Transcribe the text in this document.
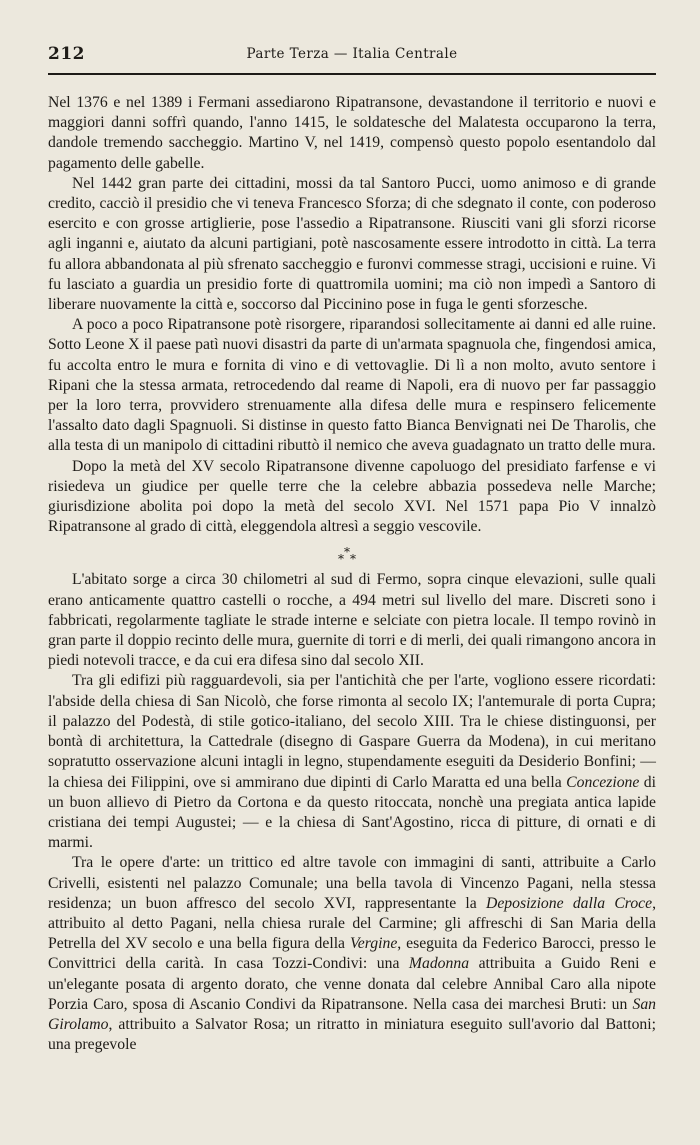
212	Parte Terza — Italia Centrale

Nel 1376 e nel 1389 i Fermani assediarono Ripatransone, devastandone il territorio e nuovi e maggiori danni soffrì quando, l'anno 1415, le soldatesche del Malatesta occuparono la terra, dandole tremendo saccheggio. Martino V, nel 1419, compensò questo popolo esentandolo dal pagamento delle gabelle.

Nel 1442 gran parte dei cittadini, mossi da tal Santoro Pucci, uomo animoso e di grande credito, cacciò il presidio che vi teneva Francesco Sforza; di che sdegnato il conte, con poderoso esercito e con grosse artiglierie, pose l'assedio a Ripatransone. Riusciti vani gli sforzi ricorse agli inganni e, aiutato da alcuni partigiani, potè nascosamente essere introdotto in città. La terra fu allora abbandonata al più sfrenato saccheggio e furonvi commesse stragi, uccisioni e ruine. Vi fu lasciato a guardia un presidio forte di quattromila uomini; ma ciò non impedì a Santoro di liberare nuovamente la città e, soccorso dal Piccinino pose in fuga le genti sforzesche.

A poco a poco Ripatransone potè risorgere, riparandosi sollecitamente ai danni ed alle ruine. Sotto Leone X il paese patì nuovi disastri da parte di un'armata spagnuola che, fingendosi amica, fu accolta entro le mura e fornita di vino e di vettovaglie. Di lì a non molto, avuto sentore i Ripani che la stessa armata, retrocedendo dal reame di Napoli, era di nuovo per far passaggio per la loro terra, provvidero strenuamente alla difesa delle mura e respinsero felicemente l'assalto dato dagli Spagnuoli. Si distinse in questo fatto Bianca Benvignati nei De Tharolis, che alla testa di un manipolo di cittadini ributtò il nemico che aveva guadagnato un tratto delle mura.

Dopo la metà del XV secolo Ripatransone divenne capoluogo del presidiato farfense e vi risiedeva un giudice per quelle terre che la celebre abbazia possedeva nelle Marche; giurisdizione abolita poi dopo la metà del secolo XVI. Nel 1571 papa Pio V innalzò Ripatransone al grado di città, eleggendola altresì a seggio vescovile.

*
* *

L'abitato sorge a circa 30 chilometri al sud di Fermo, sopra cinque elevazioni, sulle quali erano anticamente quattro castelli o rocche, a 494 metri sul livello del mare. Discreti sono i fabbricati, regolarmente tagliate le strade interne e selciate con pietra locale. Il tempo rovinò in gran parte il doppio recinto delle mura, guernite di torri e di merli, dei quali rimangono ancora in piedi notevoli tracce, e da cui era difesa sino dal secolo XII.

Tra gli edifizi più ragguardevoli, sia per l'antichità che per l'arte, vogliono essere ricordati: l'abside della chiesa di San Nicolò, che forse rimonta al secolo IX; l'antemurale di porta Cupra; il palazzo del Podestà, di stile gotico-italiano, del secolo XIII. Tra le chiese distinguonsi, per bontà di architettura, la Cattedrale (disegno di Gaspare Guerra da Modena), in cui meritano sopratutto osservazione alcuni intagli in legno, stupendamente eseguiti da Desiderio Bonfini; — la chiesa dei Filippini, ove si ammirano due dipinti di Carlo Maratta ed una bella Concezione di un buon allievo di Pietro da Cortona e da questo ritoccata, nonchè una pregiata antica lapide cristiana dei tempi Augustei; — e la chiesa di Sant'Agostino, ricca di pitture, di ornati e di marmi.

Tra le opere d'arte: un trittico ed altre tavole con immagini di santi, attribuite a Carlo Crivelli, esistenti nel palazzo Comunale; una bella tavola di Vincenzo Pagani, nella stessa residenza; un buon affresco del secolo XVI, rappresentante la Deposizione dalla Croce, attribuito al detto Pagani, nella chiesa rurale del Carmine; gli affreschi di San Maria della Petrella del XV secolo e una bella figura della Vergine, eseguita da Federico Barocci, presso le Convittrici della carità. In casa Tozzi-Condivi: una Madonna attribuita a Guido Reni e un'elegante posata di argento dorato, che venne donata dal celebre Annibal Caro alla nipote Porzia Caro, sposa di Ascanio Condivi da Ripatransone. Nella casa dei marchesi Bruti: un San Girolamo, attribuito a Salvator Rosa; un ritratto in miniatura eseguito sull'avorio dal Battoni; una pregevole
